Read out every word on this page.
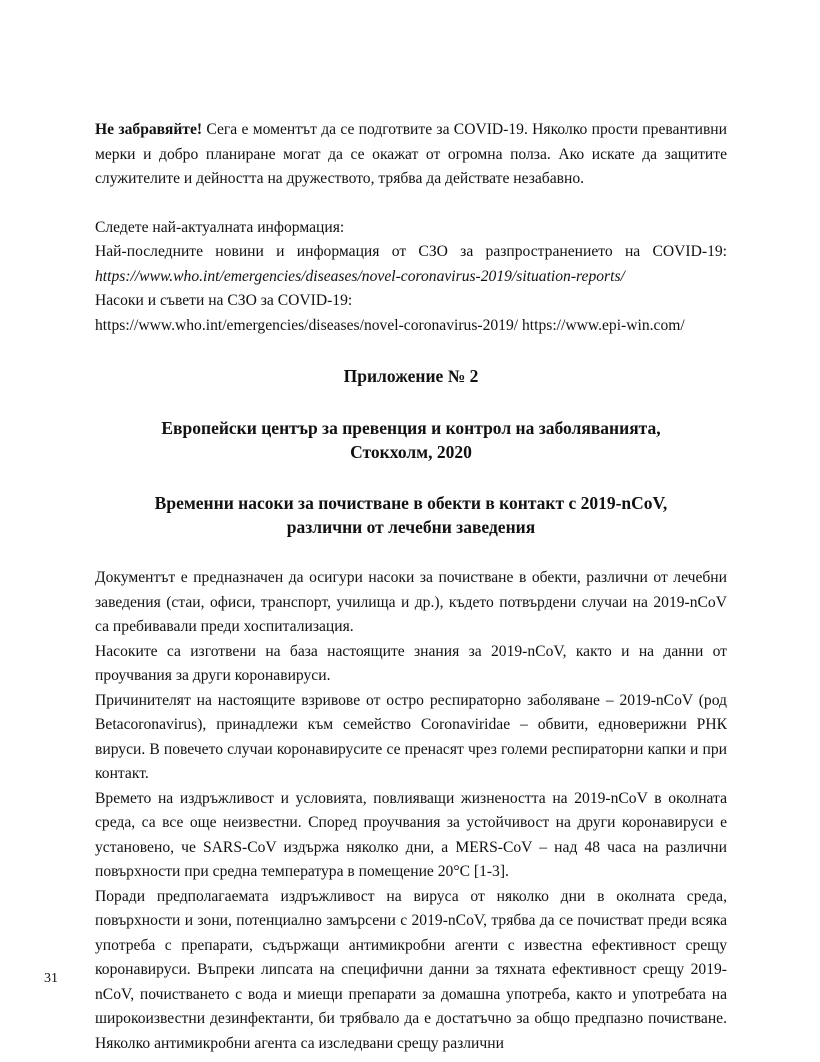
Не забравяйте! Сега е моментът да се подготвите за COVID-19. Няколко прости превантивни мерки и добро планиране могат да се окажат от огромна полза. Ако искате да защитите служителите и дейността на дружеството, трябва да действате незабавно.

Следете най-актуалната информация:

Най-последните новини и информация от СЗО за разпространението на COVID-19: https://www.who.int/emergencies/diseases/novel-coronavirus-2019/situation-reports/

Насоки и съвети на СЗО за COVID-19:

https://www.who.int/emergencies/diseases/novel-coronavirus-2019/ https://www.epi-win.com/

Приложение № 2
Европейски център за превенция и контрол на заболяванията,
Стокхолм, 2020
Временни насоки за почистване в обекти в контакт с 2019-nCoV,
различни от лечебни заведения

Документът е предназначен да осигури насоки за почистване в обекти, различни от лечебни заведения (стаи, офиси, транспорт, училища и др.), където потвърдени случаи на 2019-nCoV са пребивавали преди хоспитализация.

Насоките са изготвени на база настоящите знания за 2019-nCoV, както и на данни от проучвания за други коронавируси.

Причинителят на настоящите взривове от остро респираторно заболяване – 2019-nCoV (род Betacoronavirus), принадлежи към семейство Coronaviridae – обвити, едноверижни РНК вируси. В повечето случаи коронавирусите се пренасят чрез големи респираторни капки и при контакт.

Времето на издръжливост и условията, повлияващи жизнеността на 2019-nCoV в околната среда, са все още неизвестни. Според проучвания за устойчивост на други коронавируси е установено, че SARS-CoV издържа няколко дни, а MERS-CoV – над 48 часа на различни повърхности при средна температура в помещение 20°C [1-3].

Поради предполагаемата издръжливост на вируса от няколко дни в околната среда, повърхности и зони, потенциално замърсени с 2019-nCoV, трябва да се почистват преди всяка употреба с препарати, съдържащи антимикробни агенти с известна ефективност срещу коронавируси. Въпреки липсата на специфични данни за тяхната ефективност срещу 2019-nCoV, почистването с вода и миещи препарати за домашна употреба, както и употребата на широкоизвестни дезинфектанти, би трябвало да е достатъчно за общо предпазно почистване. Няколко антимикробни агента са изследвани срещу различни

31
